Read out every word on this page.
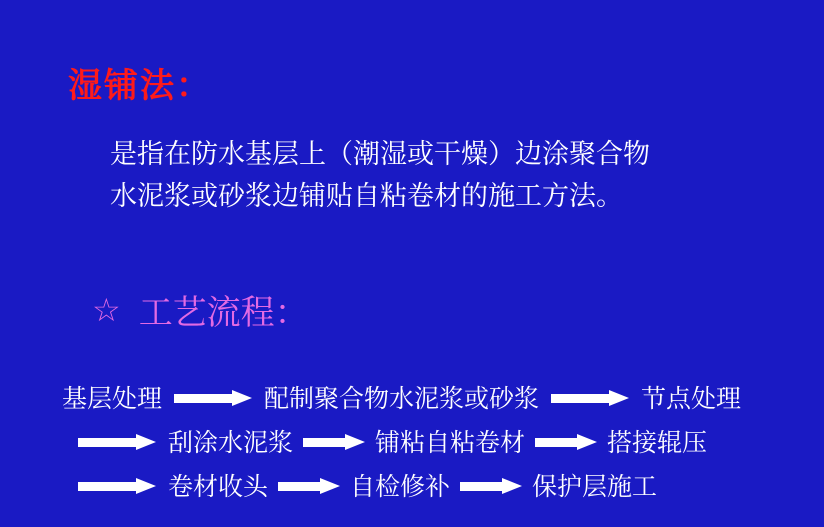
湿铺法：
是指在防水基层上（潮湿或干燥）边涂聚合物
水泥浆或砂浆边铺贴自粘卷材的施工方法。
☆ 工艺流程：
基层处理	配制聚合物水泥浆或砂浆	节点处理
刮涂水泥浆	铺粘自粘卷材	搭接辊压
卷材收头	自检修补	保护层施工
